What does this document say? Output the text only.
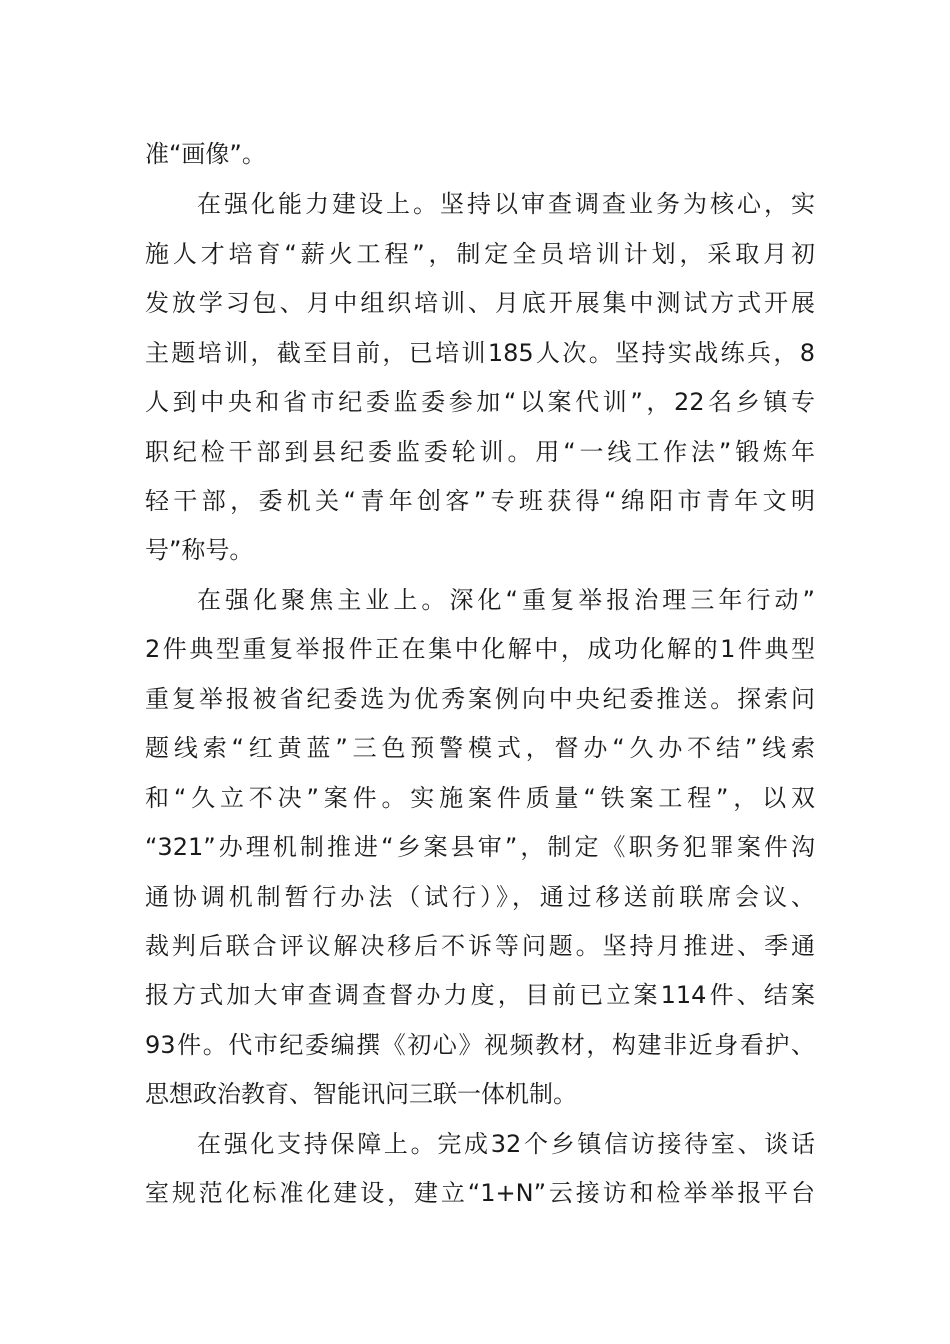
准“画像”。
在强化能力建设上。坚持以审查调查业务为核心，实
施人才培育“薪火工程”，制定全员培训计划，采取月初
发放学习包、月中组织培训、月底开展集中测试方式开展
主题培训，截至目前，已培训185人次。坚持实战练兵，8
人到中央和省市纪委监委参加“以案代训”，22名乡镇专
职纪检干部到县纪委监委轮训。用“一线工作法”锻炼年
轻干部，委机关“青年创客”专班获得“绵阳市青年文明
号”称号。
在强化聚焦主业上。深化“重复举报治理三年行动”
2件典型重复举报件正在集中化解中，成功化解的1件典型
重复举报被省纪委选为优秀案例向中央纪委推送。探索问
题线索“红黄蓝”三色预警模式，督办“久办不结”线索
和“久立不决”案件。实施案件质量“铁案工程”，以双
“321”办理机制推进“乡案县审”，制定《职务犯罪案件沟
通协调机制暂行办法（试行）》，通过移送前联席会议、
裁判后联合评议解决移后不诉等问题。坚持月推进、季通
报方式加大审查调查督办力度，目前已立案114件、结案
93件。代市纪委编撰《初心》视频教材，构建非近身看护、
思想政治教育、智能讯问三联一体机制。
在强化支持保障上。完成32个乡镇信访接待室、谈话
室规范化标准化建设，建立“1+N”云接访和检举举报平台
